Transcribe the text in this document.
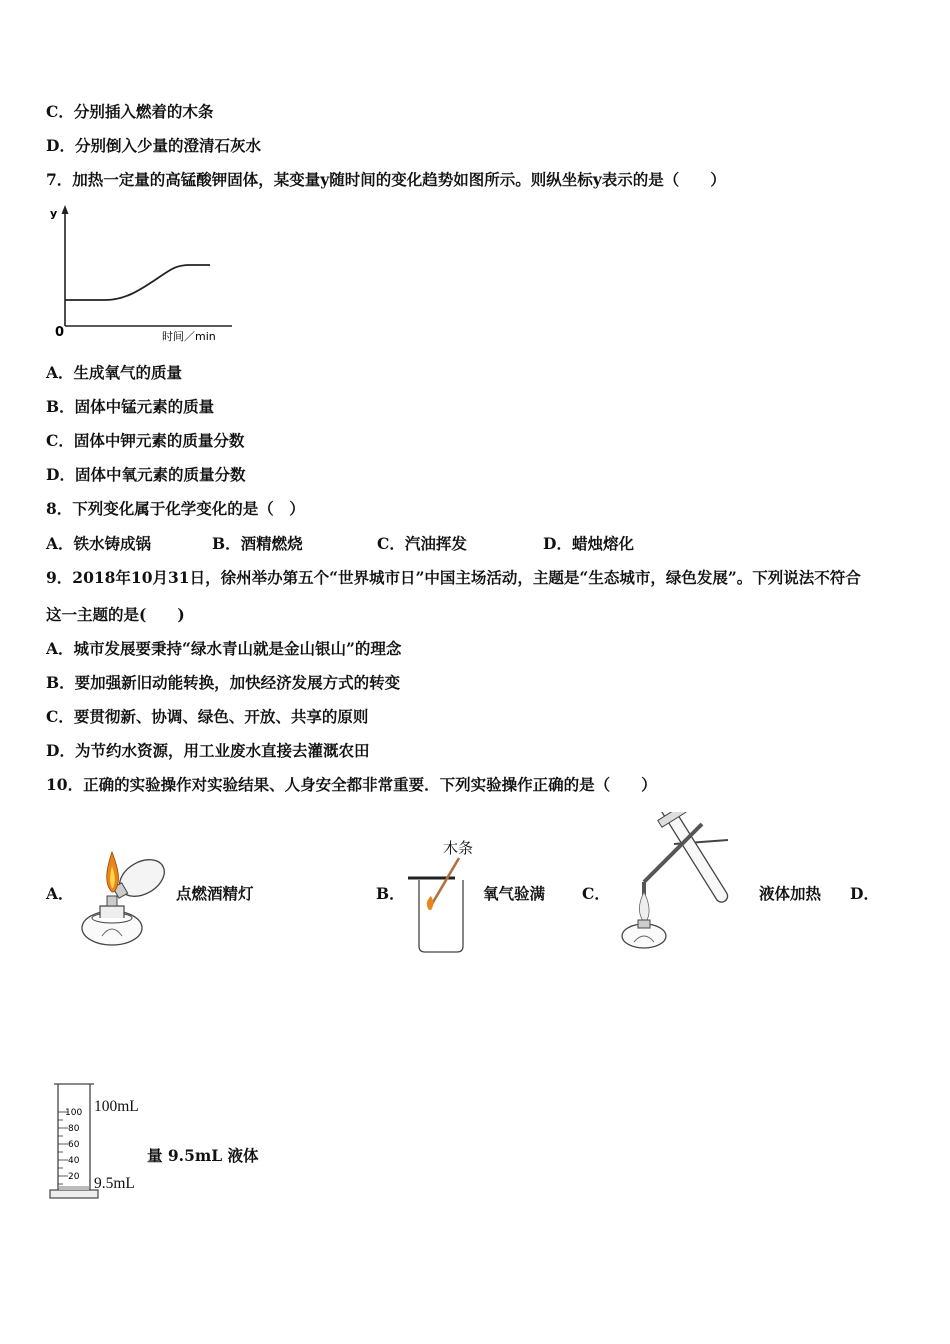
C．分别插入燃着的木条
D．分别倒入少量的澄清石灰水
7．加热一定量的高锰酸钾固体，某变量y随时间的变化趋势如图所示。则纵坐标y表示的是（　　）
y
0	时间／min
A．生成氧气的质量
B．固体中锰元素的质量
C．固体中钾元素的质量分数
D．固体中氧元素的质量分数
8．下列变化属于化学变化的是（　）
A．铁水铸成锅	B．酒精燃烧	C．汽油挥发	D．蜡烛熔化
9．2018年10月31日，徐州举办第五个“世界城市日”中国主场活动，主题是“生态城市，绿色发展”。下列说法不符合
这一主题的是(　　)
A．城市发展要秉持“绿水青山就是金山银山”的理念
B．要加强新旧动能转换，加快经济发展方式的转变
C．要贯彻新、协调、绿色、开放、共享的原则
D．为节约水资源，用工业废水直接去灌溉农田
10．正确的实验操作对实验结果、人身安全都非常重要．下列实验操作正确的是（　　）
A．	点燃酒精灯	B．
木条
氧气验满 C．	液体加热 D．
100
80
60
40
20
100mL
9.5mL
量 9.5mL 液体
